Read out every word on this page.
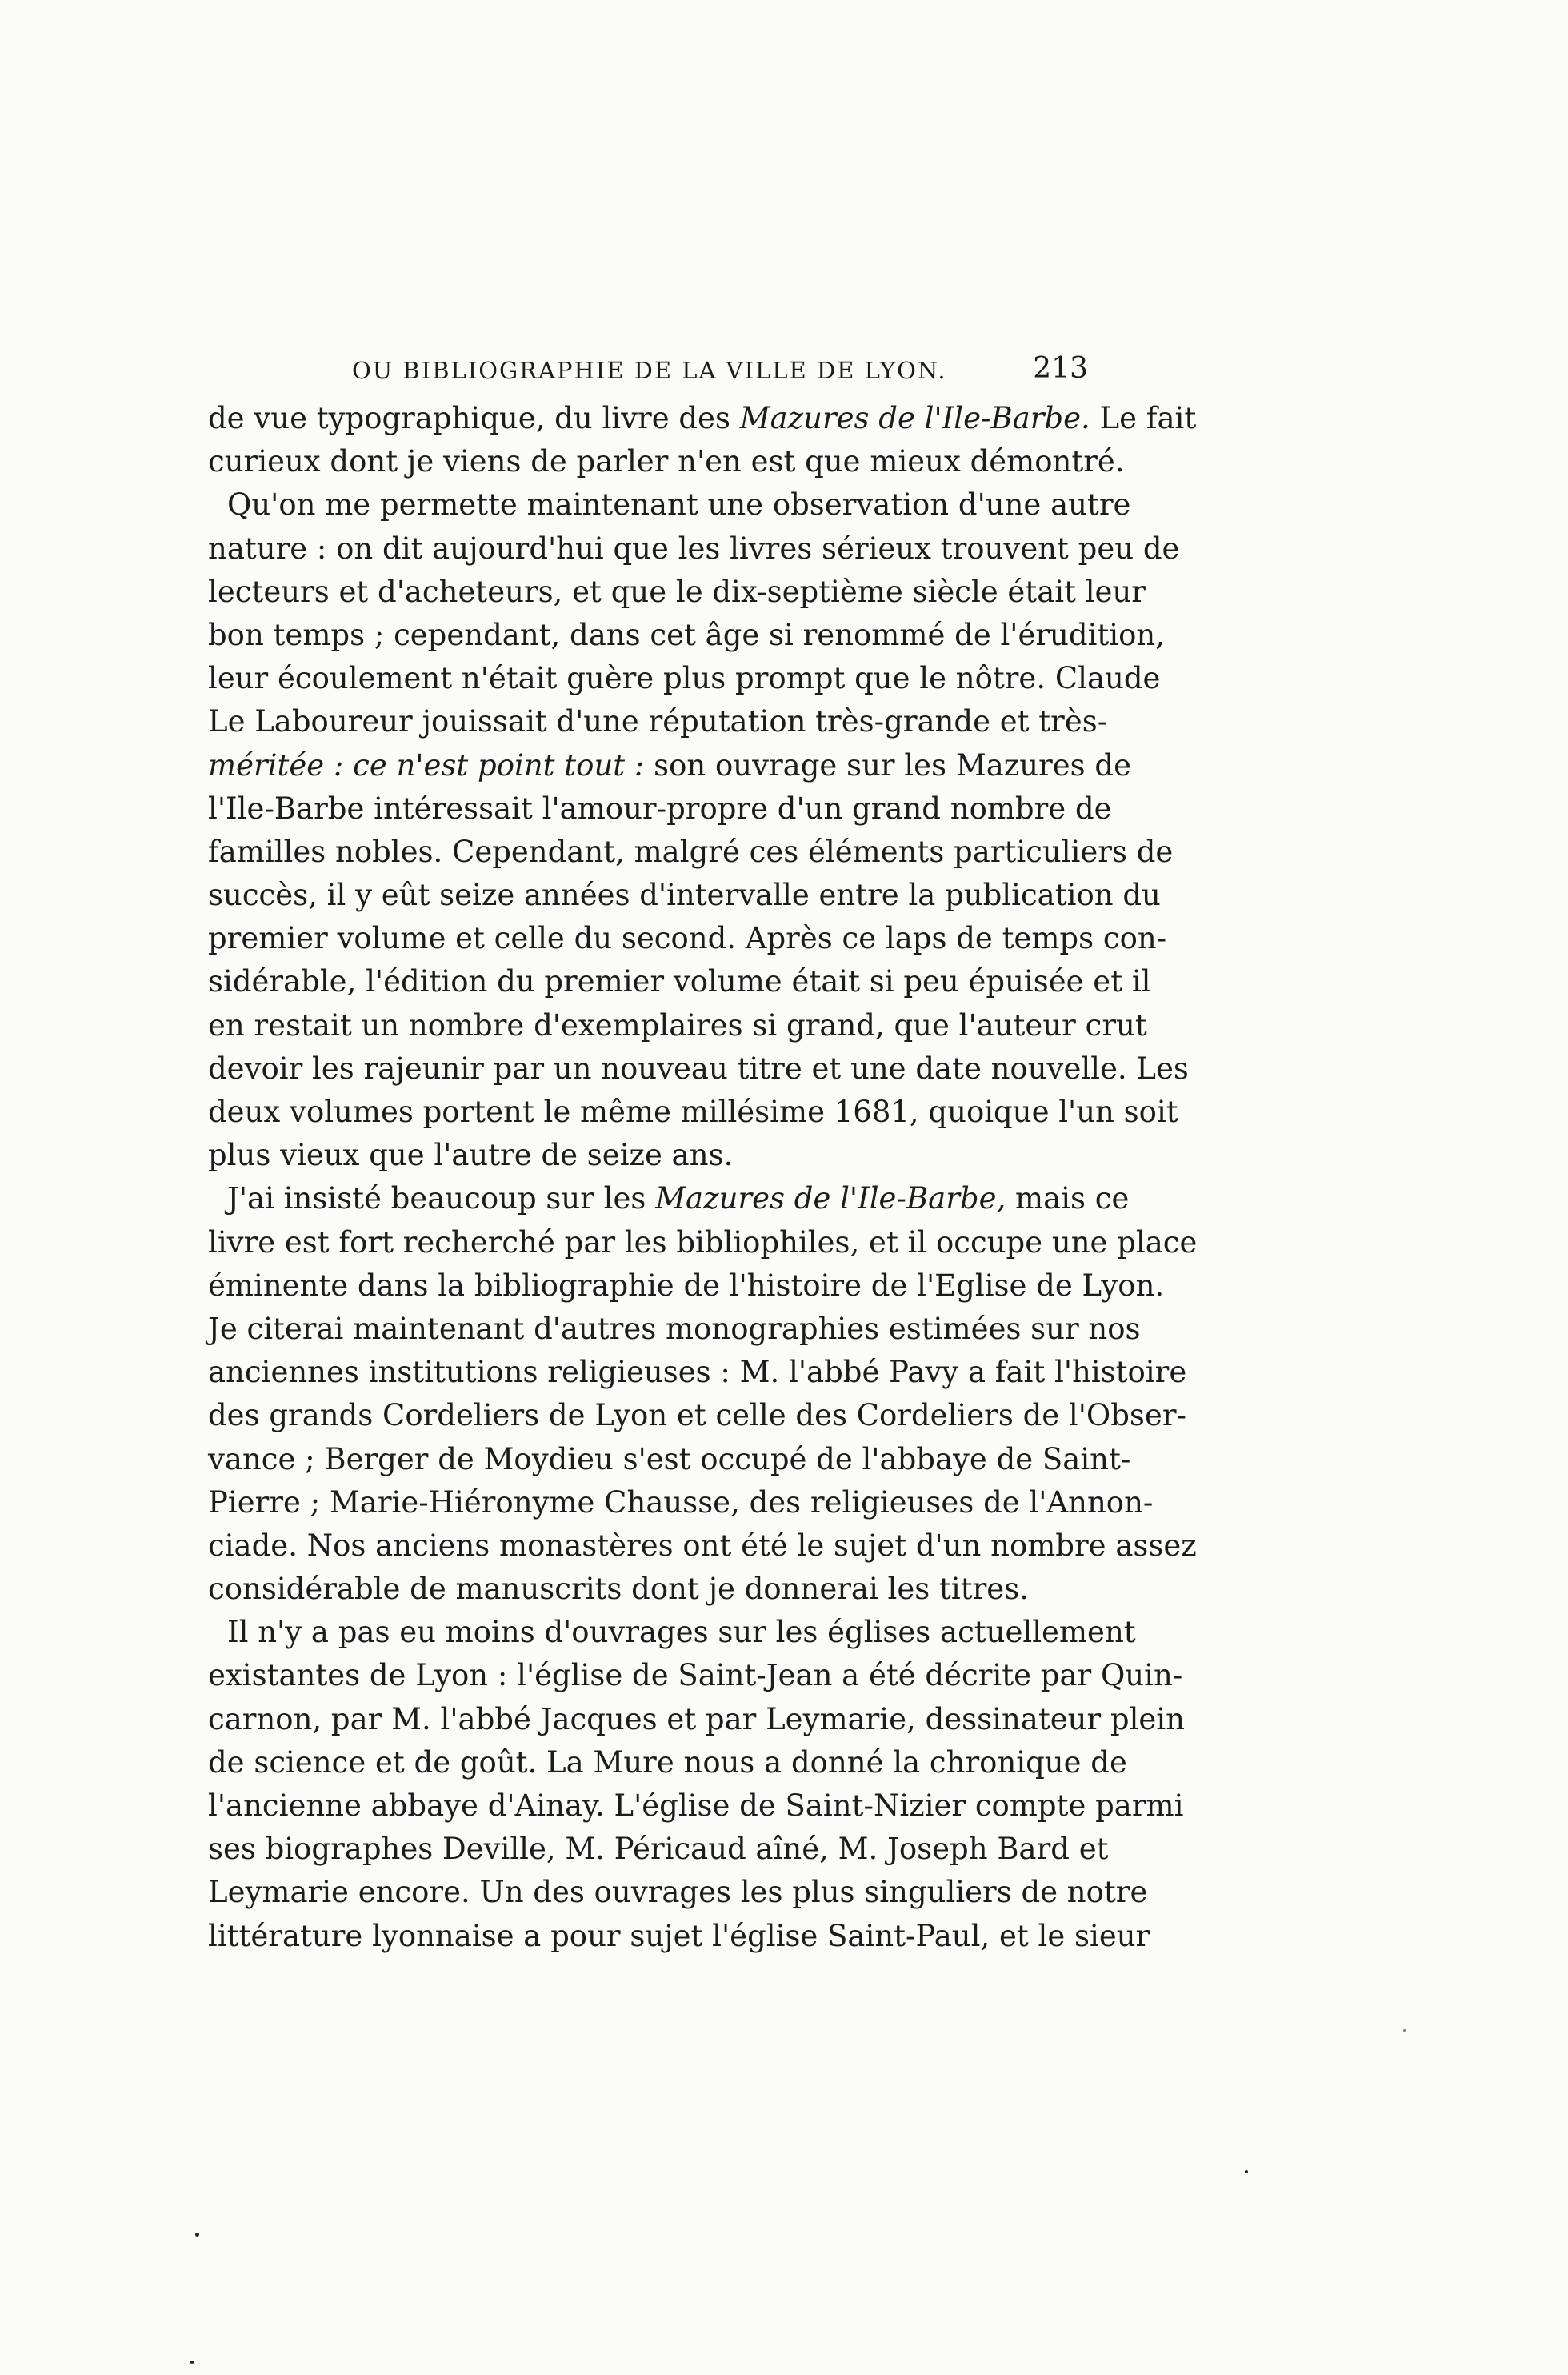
OU BIBLIOGRAPHIE DE LA VILLE DE LYON.	213
de vue typographique, du livre des Mazures de l'Ile-Barbe. Le fait
curieux dont je viens de parler n'en est que mieux démontré.
Qu'on me permette maintenant une observation d'une autre
nature : on dit aujourd'hui que les livres sérieux trouvent peu de
lecteurs et d'acheteurs, et que le dix-septième siècle était leur
bon temps ; cependant, dans cet âge si renommé de l'érudition,
leur écoulement n'était guère plus prompt que le nôtre. Claude
Le Laboureur jouissait d'une réputation très-grande et très-
méritée : ce n'est point tout : son ouvrage sur les Mazures de
l'Ile-Barbe intéressait l'amour-propre d'un grand nombre de
familles nobles. Cependant, malgré ces éléments particuliers de
succès, il y eût seize années d'intervalle entre la publication du
premier volume et celle du second. Après ce laps de temps con-
sidérable, l'édition du premier volume était si peu épuisée et il
en restait un nombre d'exemplaires si grand, que l'auteur crut
devoir les rajeunir par un nouveau titre et une date nouvelle. Les
deux volumes portent le même millésime 1681, quoique l'un soit
plus vieux que l'autre de seize ans.
J'ai insisté beaucoup sur les Mazures de l'Ile-Barbe, mais ce
livre est fort recherché par les bibliophiles, et il occupe une place
éminente dans la bibliographie de l'histoire de l'Eglise de Lyon.
Je citerai maintenant d'autres monographies estimées sur nos
anciennes institutions religieuses : M. l'abbé Pavy a fait l'histoire
des grands Cordeliers de Lyon et celle des Cordeliers de l'Obser-
vance ; Berger de Moydieu s'est occupé de l'abbaye de Saint-
Pierre ; Marie-Hiéronyme Chausse, des religieuses de l'Annon-
ciade. Nos anciens monastères ont été le sujet d'un nombre assez
considérable de manuscrits dont je donnerai les titres.
Il n'y a pas eu moins d'ouvrages sur les églises actuellement
existantes de Lyon : l'église de Saint-Jean a été décrite par Quin-
carnon, par M. l'abbé Jacques et par Leymarie, dessinateur plein
de science et de goût. La Mure nous a donné la chronique de
l'ancienne abbaye d'Ainay. L'église de Saint-Nizier compte parmi
ses biographes Deville, M. Péricaud aîné, M. Joseph Bard et
Leymarie encore. Un des ouvrages les plus singuliers de notre
littérature lyonnaise a pour sujet l'église Saint-Paul, et le sieur
